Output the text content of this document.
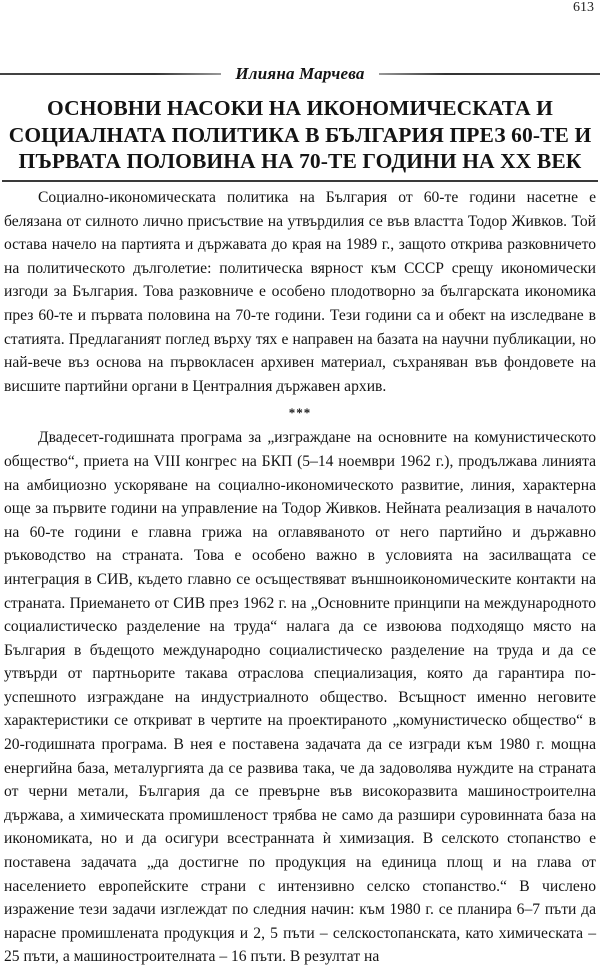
613
Илияна Марчева
ОСНОВНИ НАСОКИ НА ИКОНОМИЧЕСКАТА И
СОЦИАЛНАТА ПОЛИТИКА В БЪЛГАРИЯ ПРЕЗ 60-ТЕ И
ПЪРВАТА ПОЛОВИНА НА 70-ТЕ ГОДИНИ НА XX ВЕК

Социално-икономическата политика на България от 60-те години насетне е белязана от силното лично присъствие на утвърдилия се във властта Тодор Живков. Той остава начело на партията и държавата до края на 1989 г., защото открива разковничето на политическото дълголетие: политическа вярност към СССР срещу икономически изгоди за България. Това разковниче е особено плодотворно за българската икономика през 60-те и първата половина на 70-те години. Тези години са и обект на изследване в статията. Предлаганият поглед върху тях е направен на базата на научни публикации, но най-вече въз основа на първокласен архивен материал, съхраняван във фондовете на висшите партийни органи в Централния държавен архив.

***

Двадесет-годишната програма за „изграждане на основните на комунистическото общество“, приета на VIII конгрес на БКП (5–14 ноември 1962 г.), продължава линията на амбициозно ускоряване на социално-икономическото развитие, линия, характерна още за първите години на управление на Тодор Живков. Нейната реализация в началото на 60-те години е главна грижа на оглавяваното от него партийно и държавно ръководство на страната. Това е особено важно в условията на засилващата се интеграция в СИВ, където главно се осъществяват външноикономическите контакти на страната. Приемането от СИВ през 1962 г. на „Основните принципи на международното социалистическо разделение на труда“ налага да се извоюва подходящо място на България в бъдещото международно социалистическо разделение на труда и да се утвърди от партньорите такава отраслова специализация, която да гарантира по-успешното изграждане на индустриалното общество. Всъщност именно неговите характеристики се откриват в чертите на проектираното „комунистическо общество“ в 20-годишната програма. В нея е поставена задачата да се изгради към 1980 г. мощна енергийна база, металургията да се развива така, че да задоволява нуждите на страната от черни метали, България да се превърне във високоразвита машиностроителна държава, а химическата промишленост трябва не само да разшири суровинната база на икономиката, но и да осигури всестранната ѝ химизация. В селското стопанство е поставена задачата „да достигне по продукция на единица площ и на глава от населението европейските страни с интензивно селско стопанство.“ В числено изражение тези задачи изглеждат по следния начин: към 1980 г. се планира 6–7 пъти да нарасне промишлената продукция и 2, 5 пъти – селскостопанската, като химическата – 25 пъти, а машиностроителната – 16 пъти. В резултат на
